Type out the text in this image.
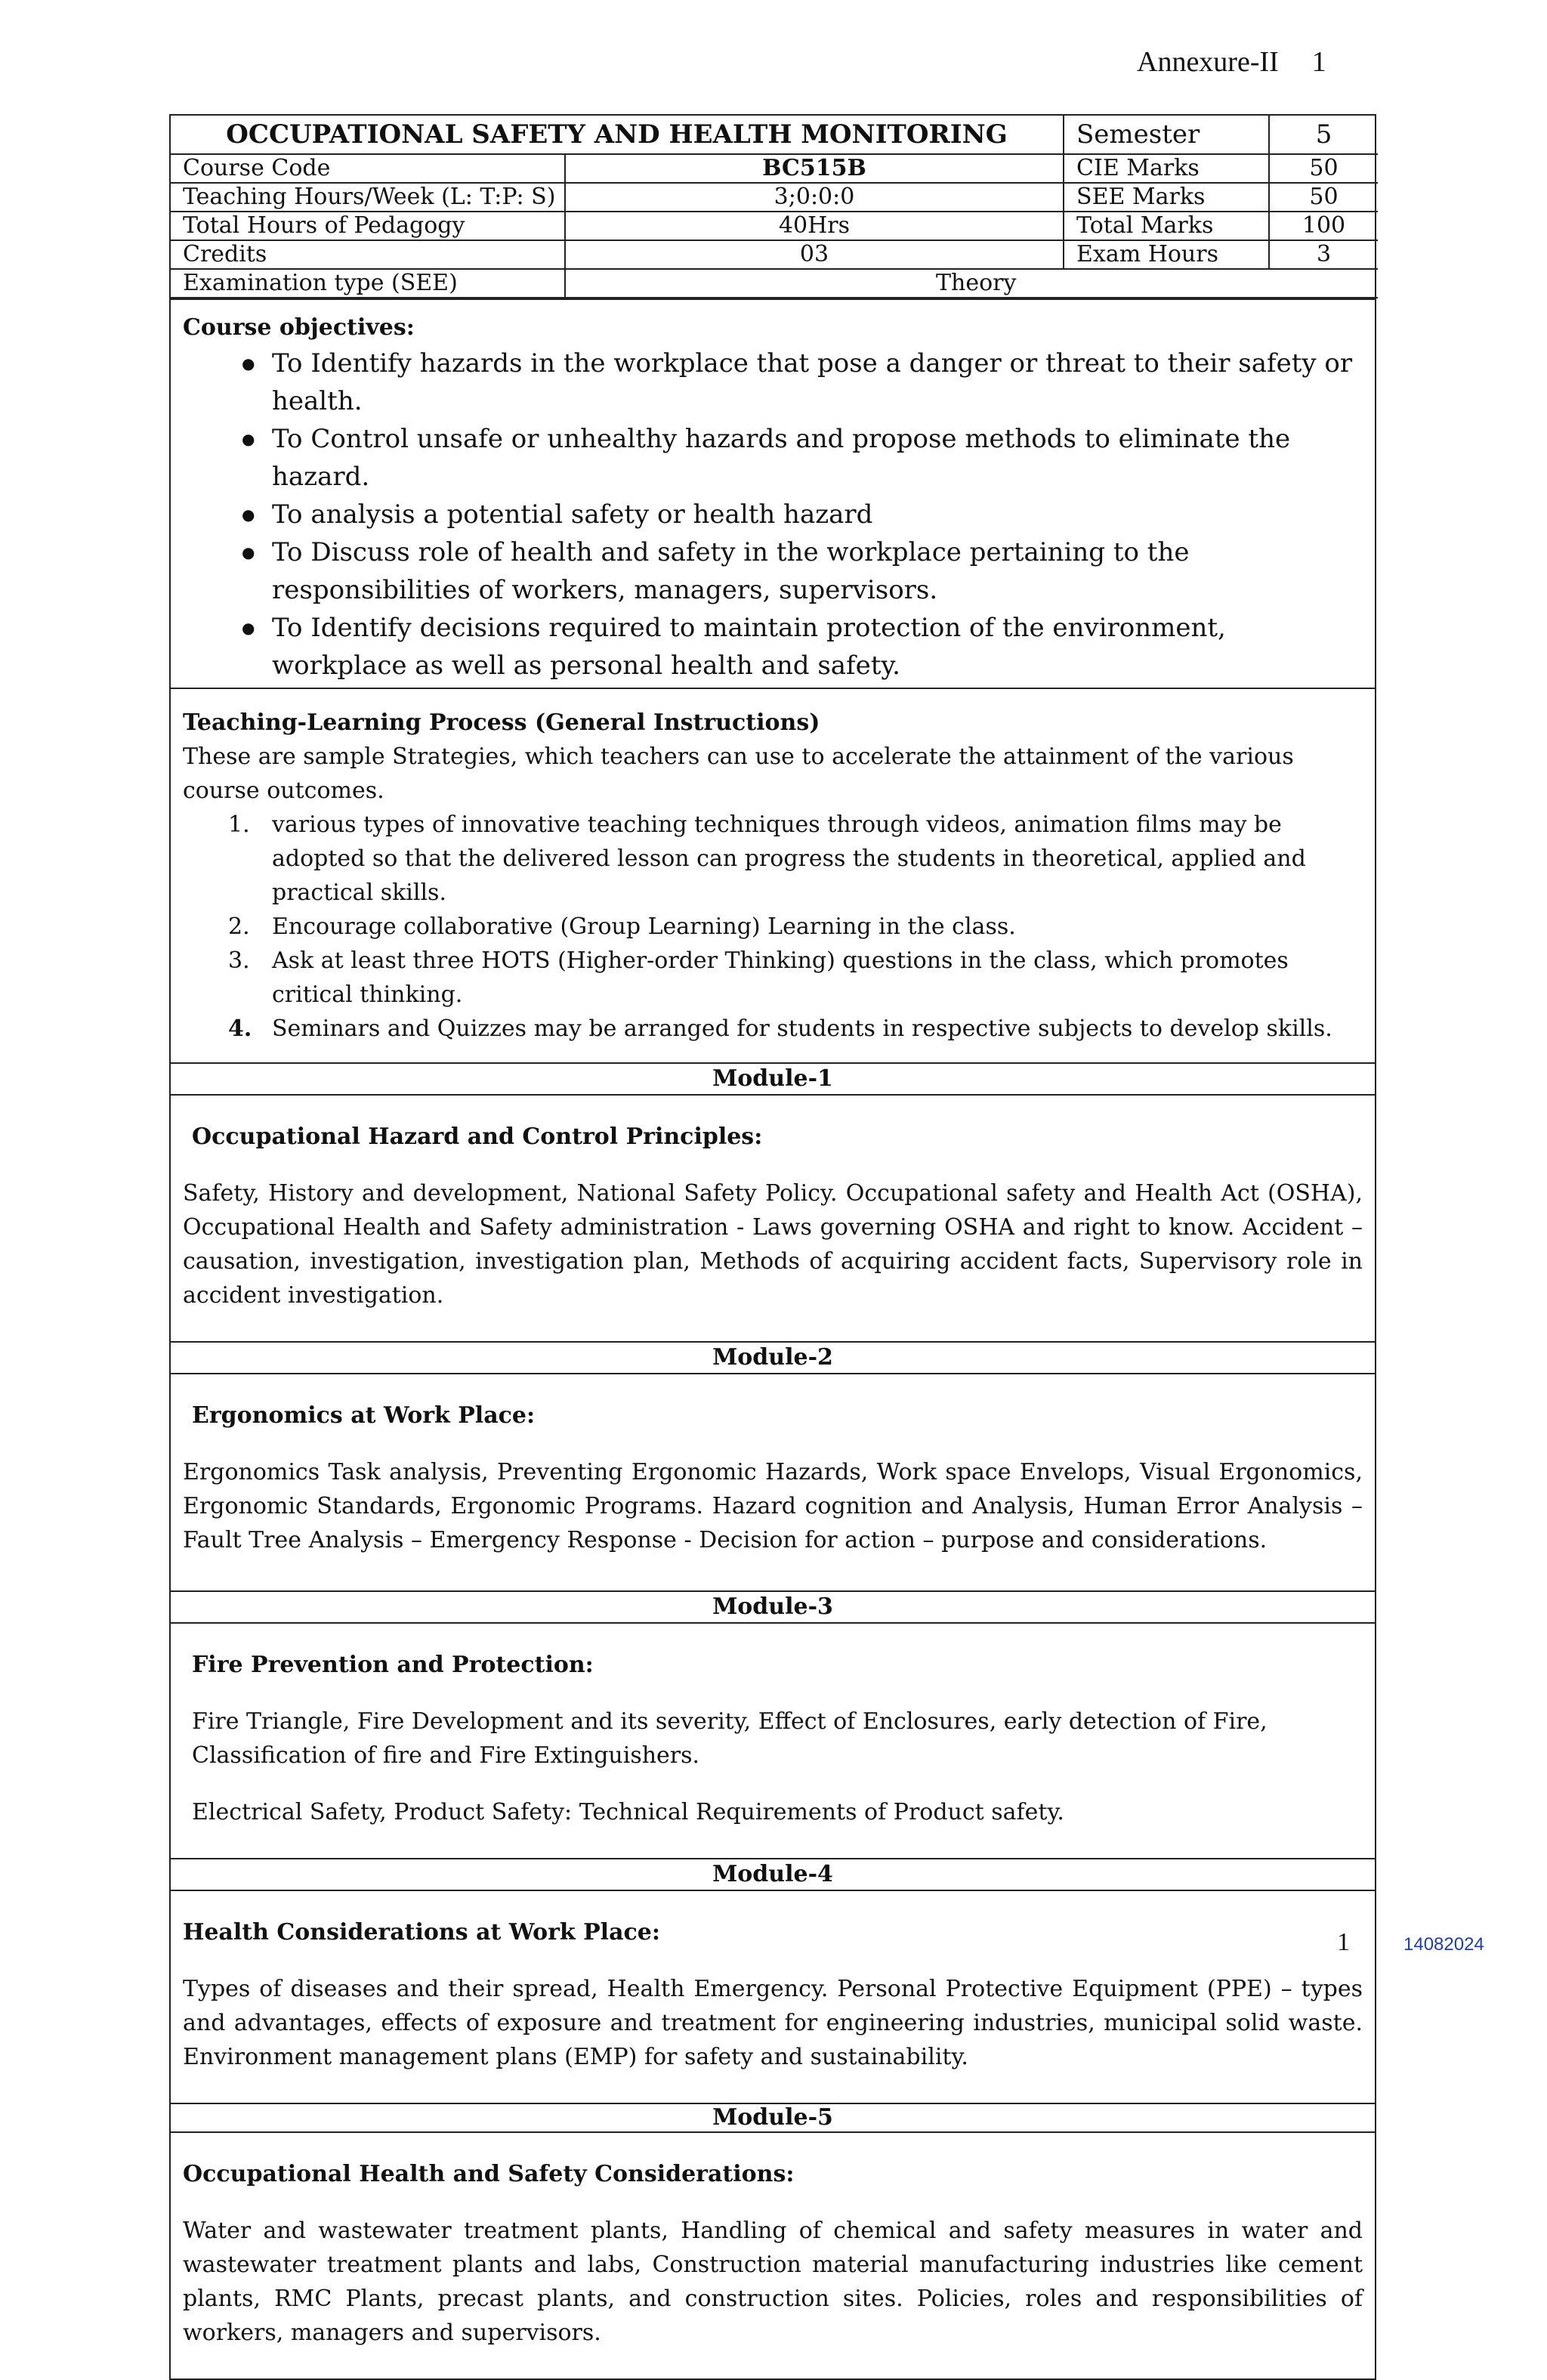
Annexure-II 1
OCCUPATIONAL SAFETY AND HEALTH MONITORING		Semester	5
Course Code	BC515B	CIE Marks	50
Teaching Hours/Week (L: T:P: S)	3;0:0:0	SEE Marks	50
Total Hours of Pedagogy	40Hrs	Total Marks	100
Credits	03	Exam Hours	3
Examination type (SEE)	Theory		

Course objectives:

● To Identify hazards in the workplace that pose a danger or threat to their safety or health.
● To Control unsafe or unhealthy hazards and propose methods to eliminate the hazard.
● To analysis a potential safety or health hazard
● To Discuss role of health and safety in the workplace pertaining to the responsibilities of workers, managers, supervisors.
● To Identify decisions required to maintain protection of the environment, workplace as well as personal health and safety.

Teaching-Learning Process (General Instructions)

These are sample Strategies, which teachers can use to accelerate the attainment of the various course outcomes.

1. various types of innovative teaching techniques through videos, animation films may be adopted so that the delivered lesson can progress the students in theoretical, applied and practical skills.
2. Encourage collaborative (Group Learning) Learning in the class.
3. Ask at least three HOTS (Higher-order Thinking) questions in the class, which promotes critical thinking.
4. Seminars and Quizzes may be arranged for students in respective subjects to develop skills.
Module-1

Occupational Hazard and Control Principles:

Safety, History and development, National Safety Policy. Occupational safety and Health Act (OSHA), Occupational Health and Safety administration - Laws governing OSHA and right to know. Accident – causation, investigation, investigation plan, Methods of acquiring accident facts, Supervisory role in accident investigation.

Module-2

Ergonomics at Work Place:

Ergonomics Task analysis, Preventing Ergonomic Hazards, Work space Envelops, Visual Ergonomics, Ergonomic Standards, Ergonomic Programs. Hazard cognition and Analysis, Human Error Analysis – Fault Tree Analysis – Emergency Response - Decision for action – purpose and considerations.

Module-3

Fire Prevention and Protection:

Fire Triangle, Fire Development and its severity, Effect of Enclosures, early detection of Fire, Classification of fire and Fire Extinguishers.

Electrical Safety, Product Safety: Technical Requirements of Product safety.

Module-4

Health Considerations at Work Place:

Types of diseases and their spread, Health Emergency. Personal Protective Equipment (PPE) – types and advantages, effects of exposure and treatment for engineering industries, municipal solid waste. Environment management plans (EMP) for safety and sustainability.

Module-5

Occupational Health and Safety Considerations:

Water and wastewater treatment plants, Handling of chemical and safety measures in water and wastewater treatment plants and labs, Construction material manufacturing industries like cement plants, RMC Plants, precast plants, and construction sites. Policies, roles and responsibilities of workers, managers and supervisors.

1	14082024
